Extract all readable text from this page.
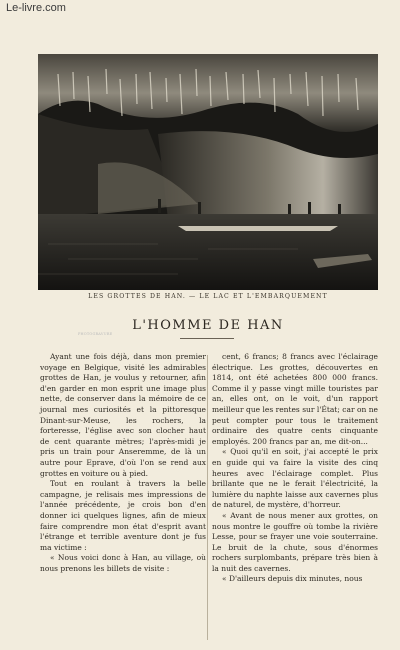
Le-livre.com
PHOTOGRAVURE
LES GROTTES DE HAN. — LE LAC ET L'EMBARQUEMENT
L'HOMME DE HAN

Ayant une fois déjà, dans mon premier voyage en Belgique, visité les admirables grottes de Han, je voulus y retourner, afin d'en garder en mon esprit une image plus nette, de conserver dans la mémoire de ce journal mes curiosités et la pittoresque Dinant-sur-Meuse, les rochers, la forteresse, l'église avec son clocher haut de cent quarante mètres; l'après-midi je pris un train pour Anseremme, de là un autre pour Eprave, d'où l'on se rend aux grottes en voiture ou à pied.

Tout en roulant à travers la belle campagne, je relisais mes impressions de l'année précédente, je crois bon d'en donner ici quelques lignes, afin de mieux faire comprendre mon état d'esprit avant l'étrange et terrible aventure dont je fus ma victime :

« Nous voici donc à Han, au village, où nous prenons les billets de visite :

cent, 6 francs; 8 francs avec l'éclairage électrique. Les grottes, découvertes en 1814, ont été achetées 800 000 francs. Comme il y passe vingt mille touristes par an, elles ont, on le voit, d'un rapport meilleur que les rentes sur l'État; car on ne peut compter pour tous le traitement ordinaire des quatre cents cinquante employés. 200 francs par an, me dit-on...

« Quoi qu'il en soit, j'ai accepté le prix en guide qui va faire la visite des cinq heures avec l'éclairage complet. Plus brillante que ne le ferait l'électricité, la lumière du naphte laisse aux cavernes plus de naturel, de mystère, d'horreur.

« Avant de nous mener aux grottes, on nous montre le gouffre où tombe la rivière Lesse, pour se frayer une voie souterraine. Le bruit de la chute, sous d'énormes rochers surplombants, prépare très bien à la nuit des cavernes.

« D'ailleurs depuis dix minutes, nous
